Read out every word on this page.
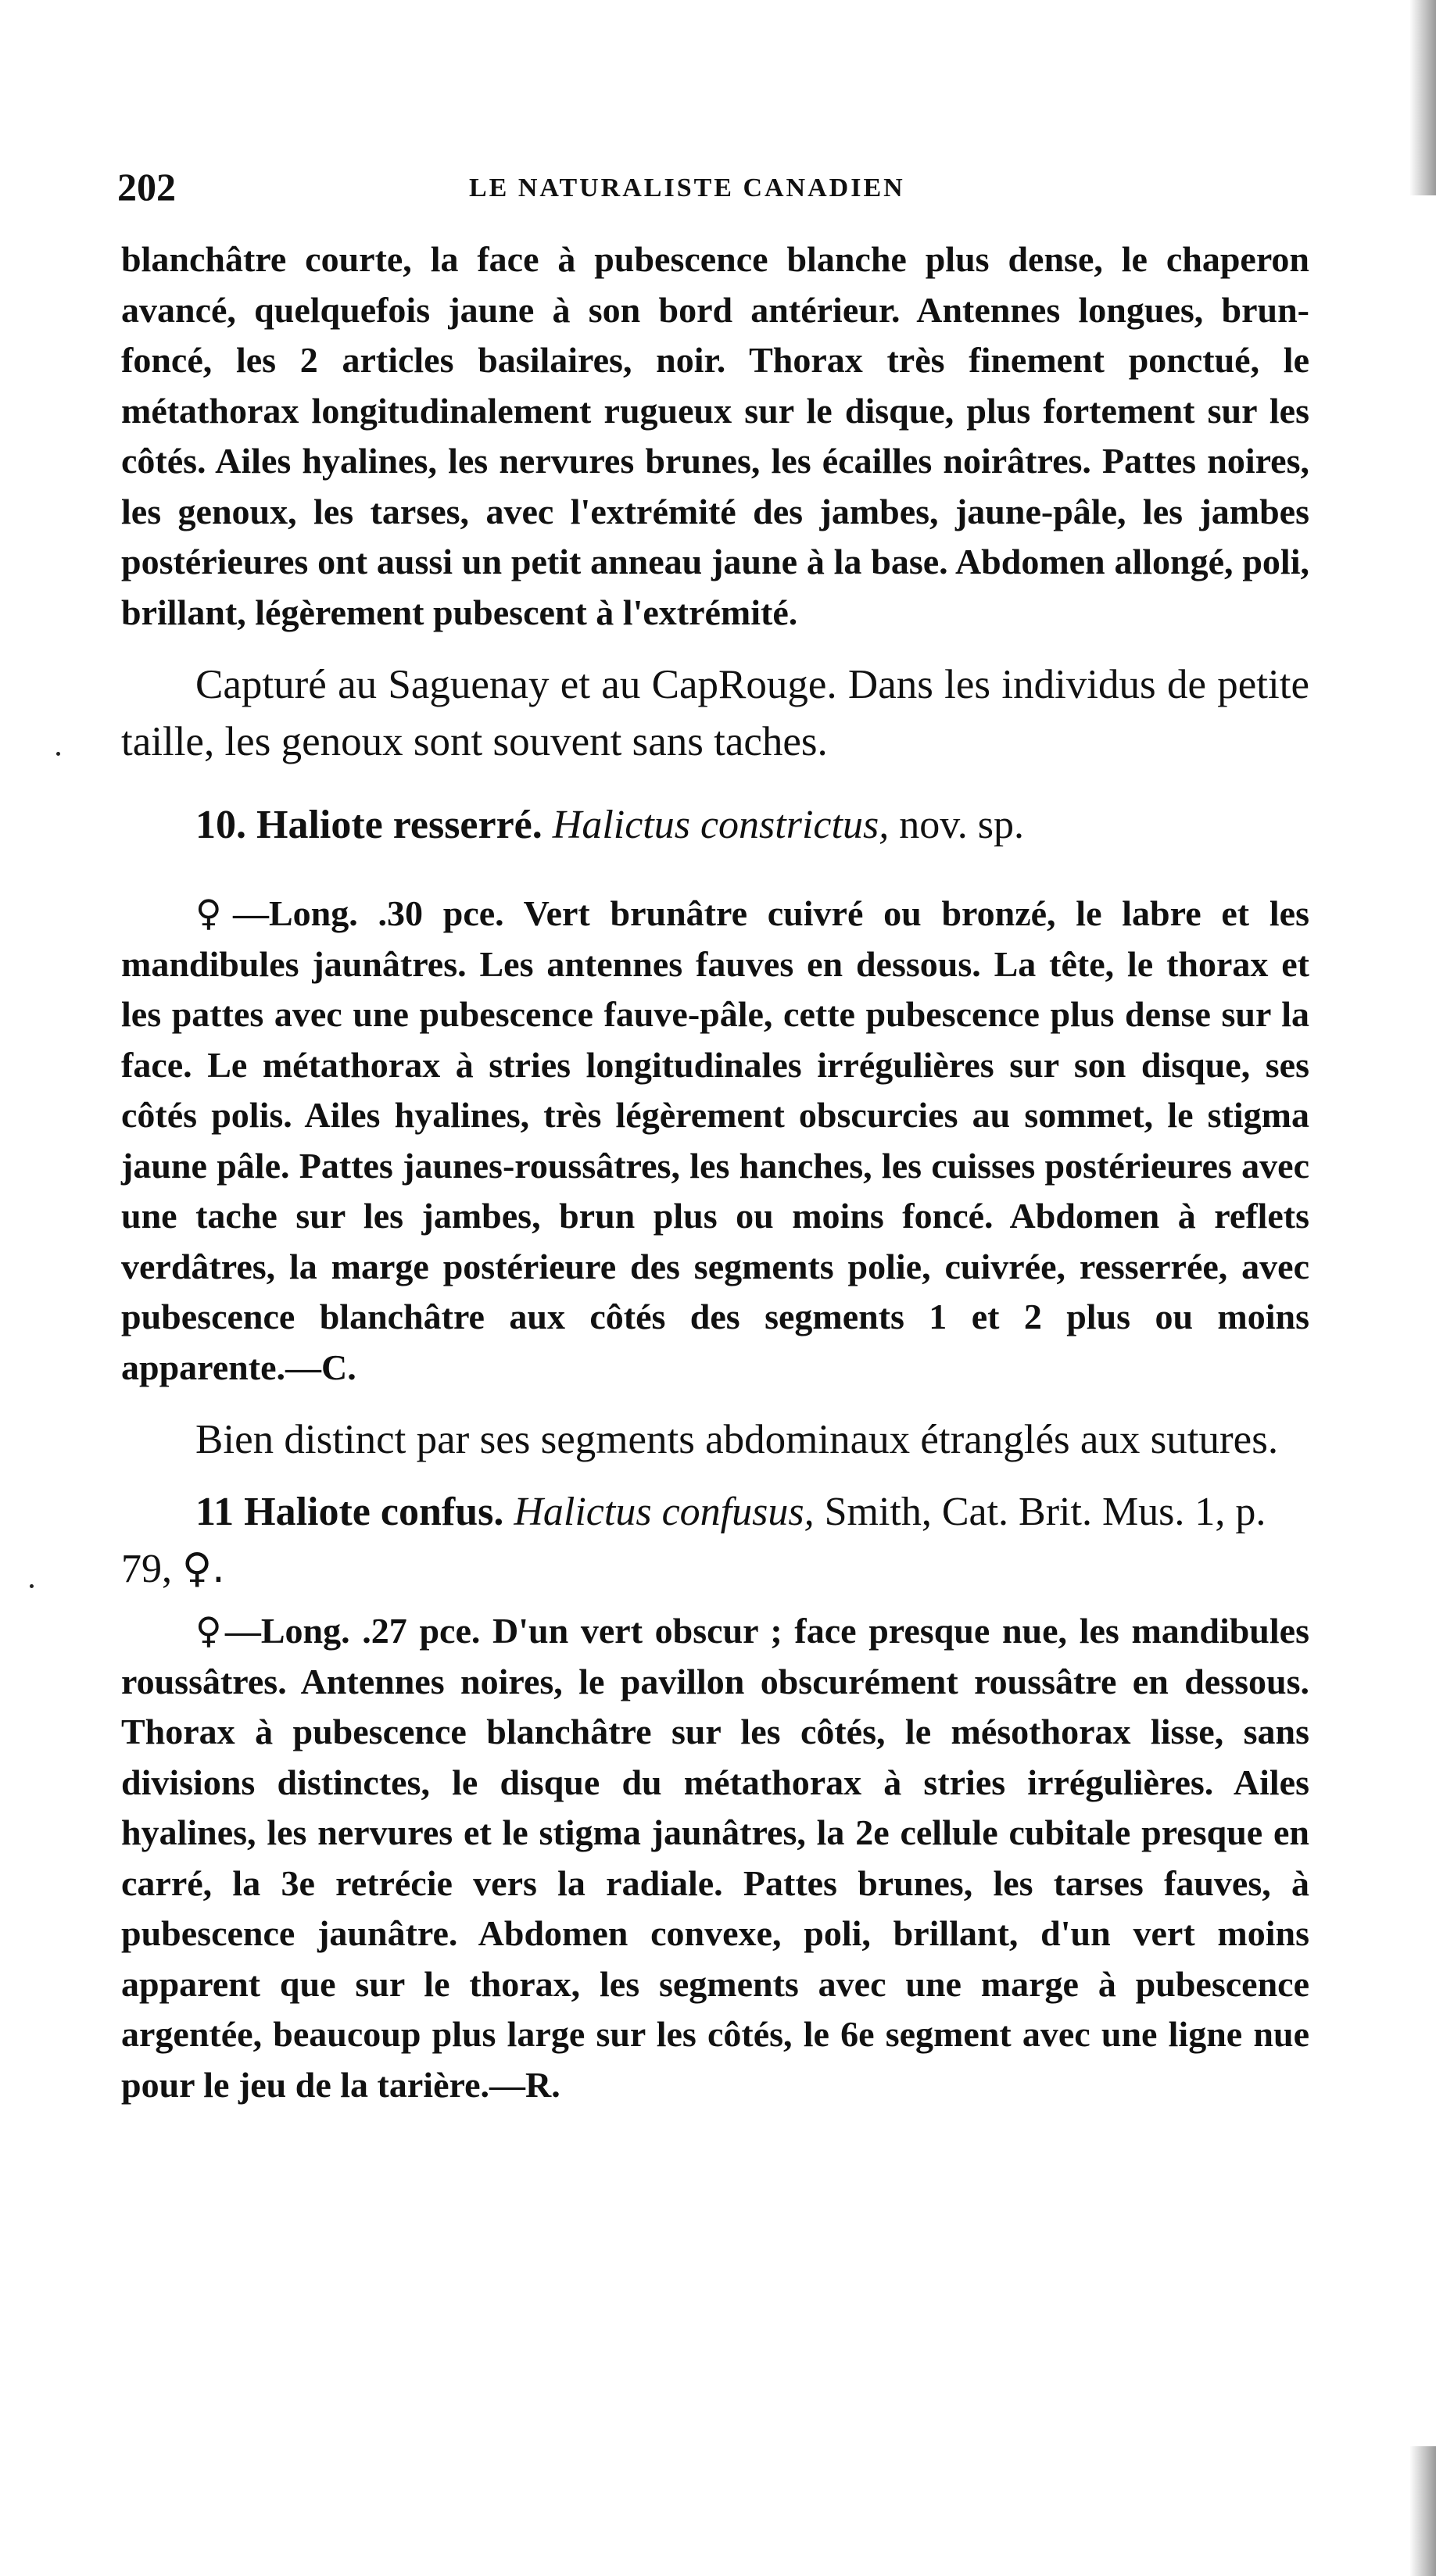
202	LE NATURALISTE CANADIEN

blanchâtre courte, la face à pubescence blanche plus dense, le chaperon avancé, quelquefois jaune à son bord antérieur. Antennes longues, brun-foncé, les 2 articles basilaires, noir. Thorax très finement ponctué, le métathorax longitudinalement rugueux sur le disque, plus fortement sur les côtés. Ailes hyalines, les nervures brunes, les écailles noirâtres. Pattes noires, les genoux, les tarses, avec l'extrémité des jambes, jaune-pâle, les jambes postérieures ont aussi un petit anneau jaune à la base. Abdomen allongé, poli, brillant, légèrement pubescent à l'extrémité.

Capturé au Saguenay et au CapRouge. Dans les individus de petite taille, les genoux sont souvent sans taches.

10. Haliote resserré. Halictus constrictus, nov. sp.

♀—Long. .30 pce. Vert brunâtre cuivré ou bronzé, le labre et les mandibules jaunâtres. Les antennes fauves en dessous. La tête, le thorax et les pattes avec une pubescence fauve-pâle, cette pubescence plus dense sur la face. Le métathorax à stries longitudinales irrégulières sur son disque, ses côtés polis. Ailes hyalines, très légèrement obscurcies au sommet, le stigma jaune pâle. Pattes jaunes-roussâtres, les hanches, les cuisses postérieures avec une tache sur les jambes, brun plus ou moins foncé. Abdomen à reflets verdâtres, la marge postérieure des segments polie, cuivrée, resserrée, avec pubescence blanchâtre aux côtés des segments 1 et 2 plus ou moins apparente.—C.

Bien distinct par ses segments abdominaux étranglés aux sutures.

11 Haliote confus. Halictus confusus, Smith, Cat. Brit. Mus. 1, p. 79, ♀.

♀—Long. .27 pce. D'un vert obscur ; face presque nue, les mandibules roussâtres. Antennes noires, le pavillon obscurément roussâtre en dessous. Thorax à pubescence blanchâtre sur les côtés, le mésothorax lisse, sans divisions distinctes, le disque du métathorax à stries irrégulières. Ailes hyalines, les nervures et le stigma jaunâtres, la 2e cellule cubitale presque en carré, la 3e retrécie vers la radiale. Pattes brunes, les tarses fauves, à pubescence jaunâtre. Abdomen convexe, poli, brillant, d'un vert moins apparent que sur le thorax, les segments avec une marge à pubescence argentée, beaucoup plus large sur les côtés, le 6e segment avec une ligne nue pour le jeu de la tarière.—R.
